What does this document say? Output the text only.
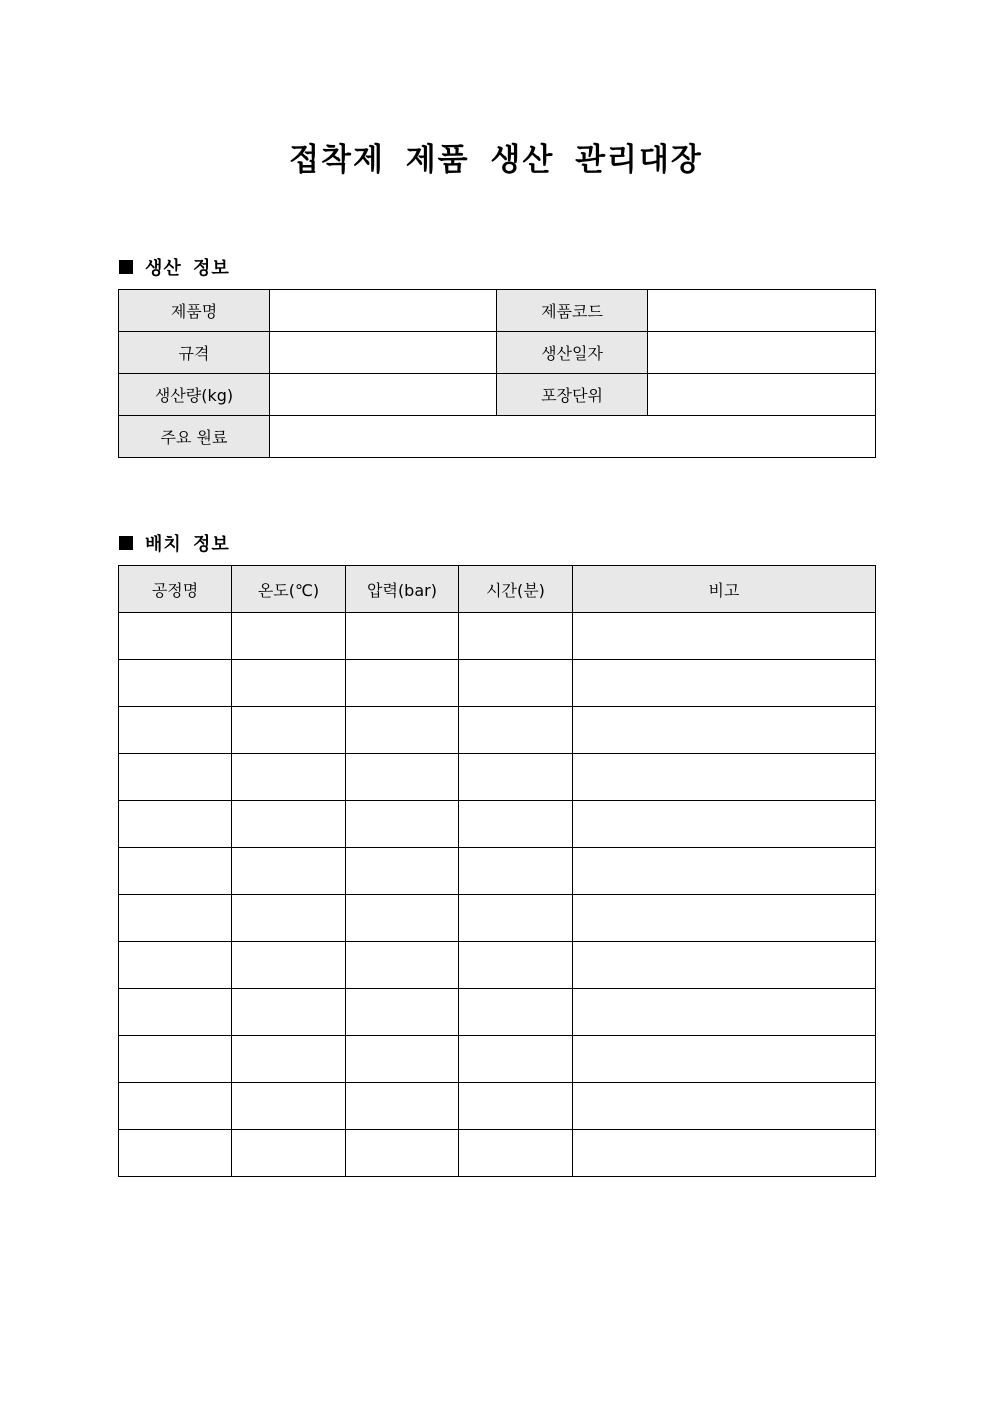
접착제 제품 생산 관리대장
생산 정보
제품명		제품코드	
규격		생산일자	
생산량(kg)		포장단위	
주요 원료			
배치 정보
공정명	온도(℃)	압력(bar)	시간(분)	비고
